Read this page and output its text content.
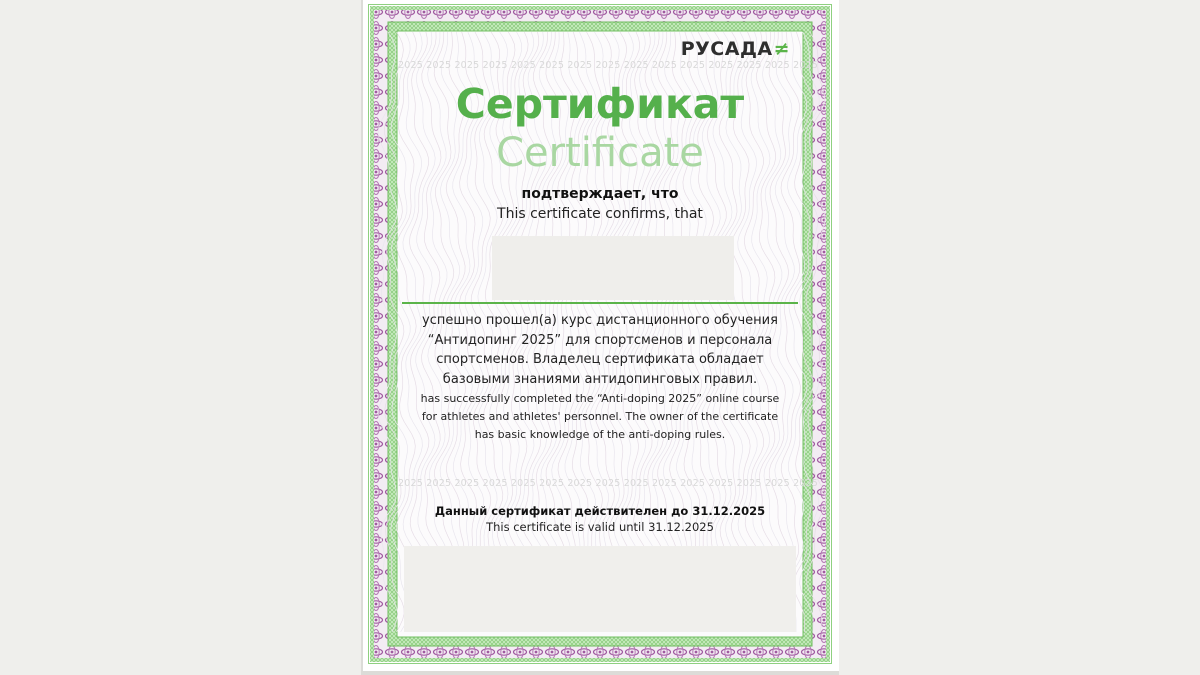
РУСАДА ≠
2025 2025 2025 2025 2025 2025 2025 2025 2025 2025 2025 2025 2025 2025 2025
Сертификат
Certificate
подтверждает, что
This certificate confirms, that
успешно прошел(а) курс дистанционного обучения “Антидопинг 2025” для спортсменов и персонала спортсменов. Владелец сертификата обладает базовыми знаниями антидопинговых правил.
has successfully completed the “Anti-doping 2025” online course for athletes and athletes' personnel. The owner of the certificate has basic knowledge of the anti-doping rules.
2025 2025 2025 2025 2025 2025 2025 2025 2025 2025 2025 2025 2025 2025 2025
Данный сертификат действителен до 31.12.2025
This certificate is valid until 31.12.2025
